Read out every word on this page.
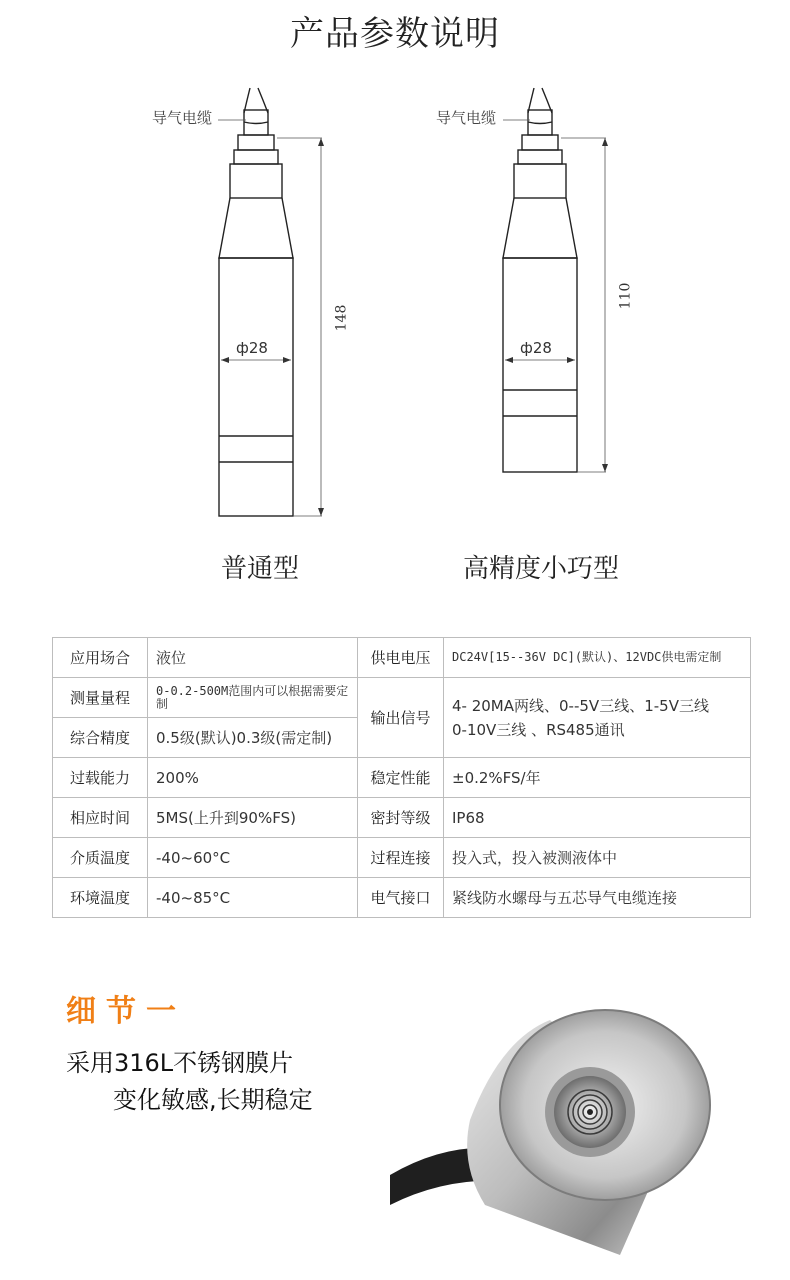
产品参数说明
导气电缆	导气电缆
ф28	ф28
148
110
普通型	高精度小巧型
应用场合	液位	供电电压	DC24V[15--36V DC](默认)、12VDC供电需定制
测量量程	0-0.2-500M范围内可以根据需要定制	输出信号	4- 20MA两线、0--5V三线、1-5V三线
0-10V三线 、RS485通讯

综合精度	0.5级(默认)0.3级(需定制)		
过载能力	200%	稳定性能	±0.2%FS/年
相应时间	5MS(上升到90%FS)	密封等级	IP68
介质温度	-40~60°C	过程连接	投入式，投入被测液体中
环境温度	-40~85°C	电气接口	紧线防水螺母与五芯导气电缆连接
细节一
采用316L不锈钢膜片
变化敏感,长期稳定
